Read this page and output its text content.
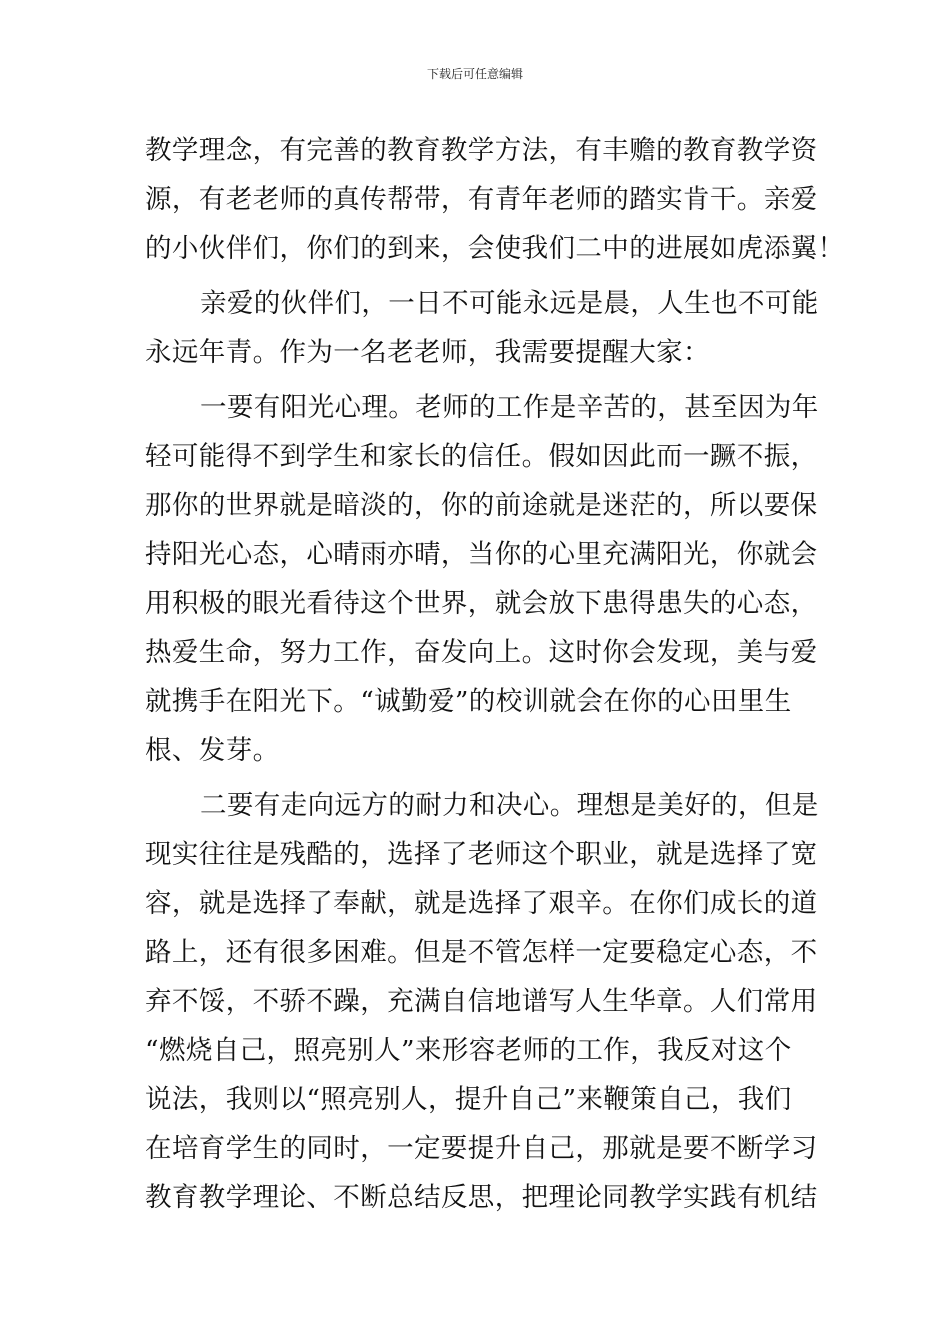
下载后可任意编辑
教学理念，有完善的教育教学方法，有丰赡的教育教学资
源，有老老师的真传帮带，有青年老师的踏实肯干。亲爱
的小伙伴们，你们的到来，会使我们二中的进展如虎添翼！
亲爱的伙伴们，一日不可能永远是晨，人生也不可能
永远年青。作为一名老老师，我需要提醒大家：
一要有阳光心理。老师的工作是辛苦的，甚至因为年
轻可能得不到学生和家长的信任。假如因此而一蹶不振，
那你的世界就是暗淡的，你的前途就是迷茫的，所以要保
持阳光心态，心晴雨亦晴，当你的心里充满阳光，你就会
用积极的眼光看待这个世界，就会放下患得患失的心态，
热爱生命，努力工作，奋发向上。这时你会发现，美与爱
就携手在阳光下。“诚勤爱”的校训就会在你的心田里生
根、发芽。
二要有走向远方的耐力和决心。理想是美好的，但是
现实往往是残酷的，选择了老师这个职业，就是选择了宽
容，就是选择了奉献，就是选择了艰辛。在你们成长的道
路上，还有很多困难。但是不管怎样一定要稳定心态，不
弃不馁，不骄不躁，充满自信地谱写人生华章。人们常用
“燃烧自己，照亮别人”来形容老师的工作，我反对这个
说法，我则以“照亮别人，提升自己”来鞭策自己，我们
在培育学生的同时，一定要提升自己，那就是要不断学习
教育教学理论、不断总结反思，把理论同教学实践有机结
